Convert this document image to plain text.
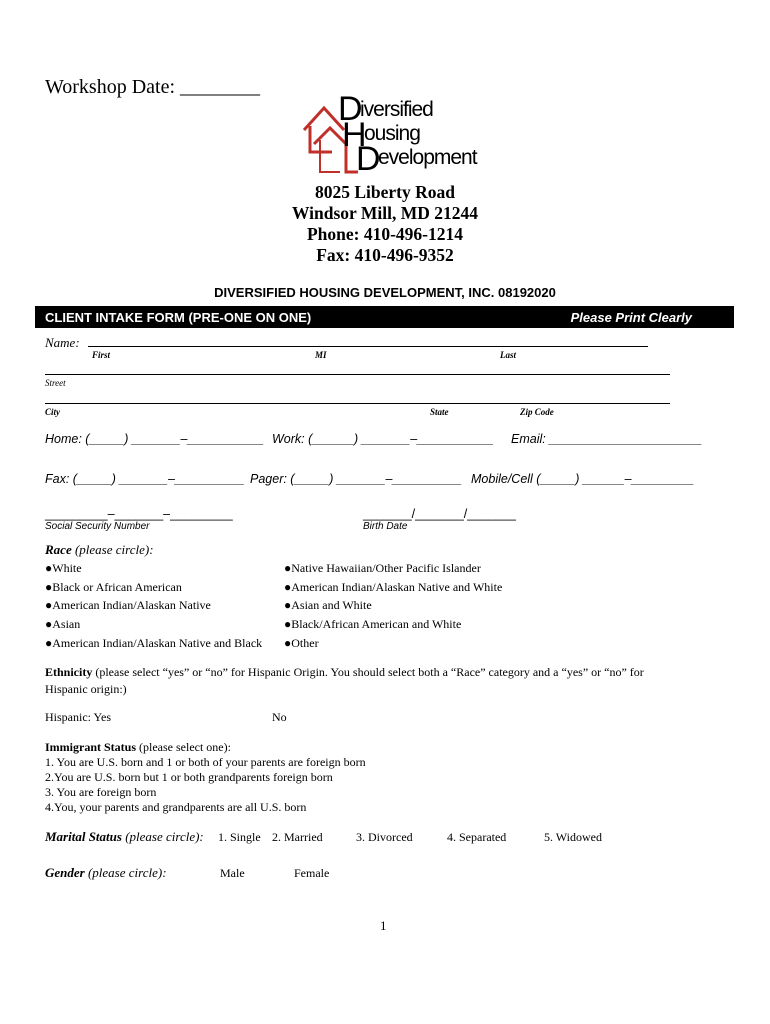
Workshop Date: ________
D
iversified
H
ousing
D
evelopment
8025 Liberty Road
Windsor Mill, MD 21244
Phone: 410-496-1214
Fax: 410-496-9352
DIVERSIFIED HOUSING DEVELOPMENT, INC. 08192020
CLIENT INTAKE FORM (PRE-ONE ON ONE)	Please Print Clearly
Name:
First	MI	Last
Street
City	State	Zip Code
Home: (_____) _______–___________ Work: (______) _______–___________ Email: ______________________
Fax: (_____) _______–__________ Pager: (_____) _______–__________ Mobile/Cell (_____) ______–_________
_________–_______–_________
Social Security Number
_______/_______/_______
Birth Date
Race (please circle):
●White
●Black or African American
●American Indian/Alaskan Native
●Asian
●American Indian/Alaskan Native and Black
●Native Hawaiian/Other Pacific Islander
●American Indian/Alaskan Native and White
●Asian and White
●Black/African American and White
●Other
Ethnicity (please select “yes” or “no” for Hispanic Origin. You should select both a “Race” category and a “yes” or “no” for
Hispanic origin:)
Hispanic: Yes	No
Immigrant Status (please select one):
1. You are U.S. born and 1 or both of your parents are foreign born
2.You are U.S. born but 1 or both grandparents foreign born
3. You are foreign born
4.You, your parents and grandparents are all U.S. born
Marital Status (please circle): 1. Single 2. Married	3. Divorced	4. Separated	5. Widowed
Gender (please circle):	Male	Female
1
